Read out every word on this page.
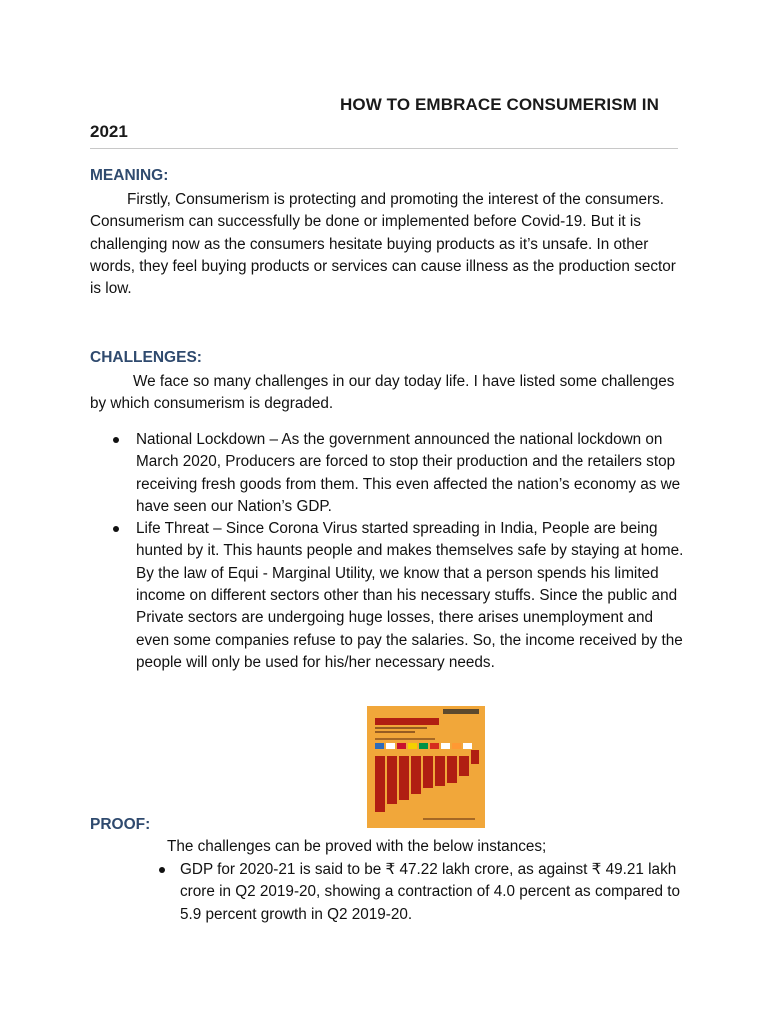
HOW TO EMBRACE CONSUMERISM IN
2021
MEANING:
Firstly, Consumerism is protecting and promoting the interest of the consumers. Consumerism can successfully be done or implemented before Covid-19. But it is challenging now as the consumers hesitate buying products as it’s unsafe. In other words, they feel buying products or services can cause illness as the production sector is low.
CHALLENGES:
We face so many challenges in our day today life. I have listed some challenges by which consumerism is degraded.
National Lockdown – As the government announced the national lockdown on March 2020, Producers are forced to stop their production and the retailers stop receiving fresh goods from them. This even affected the nation’s economy as we have seen our Nation’s GDP.
Life Threat – Since Corona Virus started spreading in India, People are being hunted by it. This haunts people and makes themselves safe by staying at home. By the law of Equi - Marginal Utility, we know that a person spends his limited income on different sectors other than his necessary stuffs. Since the public and Private sectors are undergoing huge losses, there arises unemployment and even some companies refuse to pay the salaries. So, the income received by the people will only be used for his/her necessary needs.
PROOF:
The challenges can be proved with the below instances;
GDP for 2020-21 is said to be ₹ 47.22 lakh crore, as against ₹ 49.21 lakh crore in Q2 2019-20, showing a contraction of 4.0 percent as compared to 5.9 percent growth in Q2 2019-20.
